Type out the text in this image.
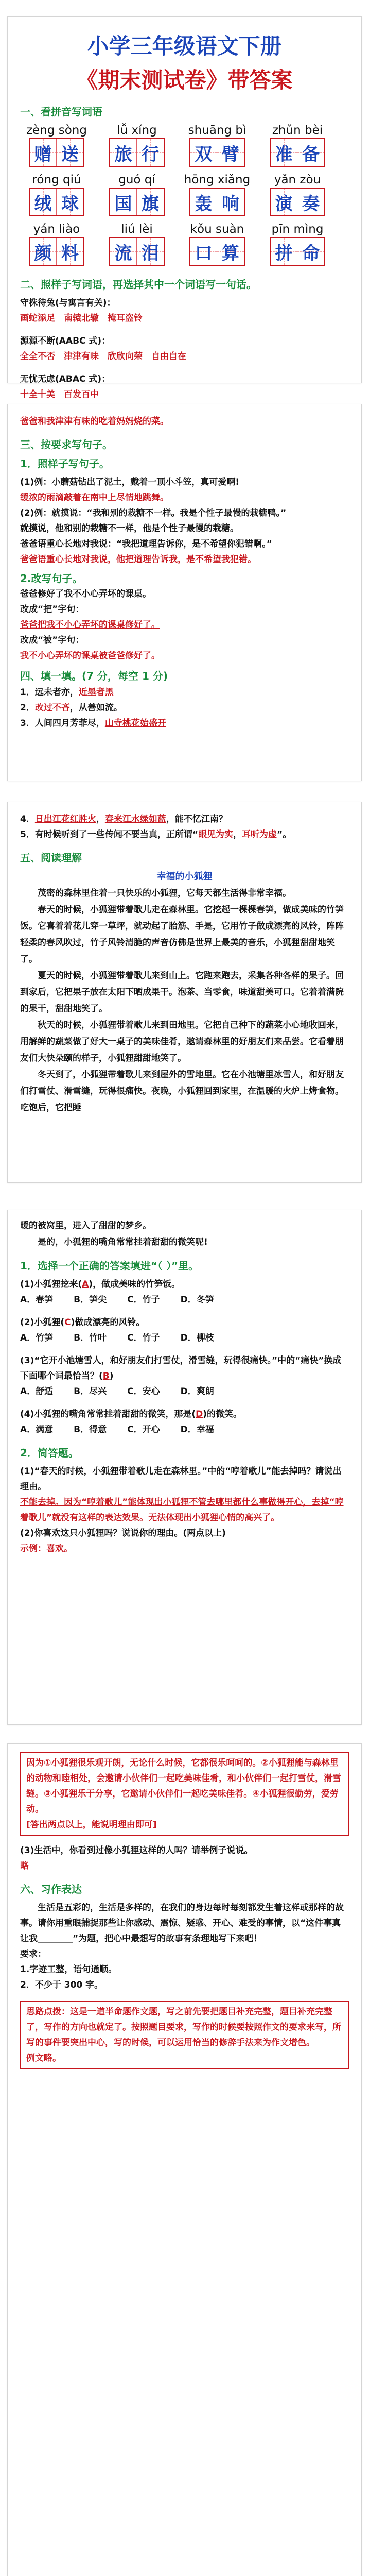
小学三年级语文下册
《期末测试卷》带答案
一、看拼音写词语
zèng sòng
赠 送
lǚ xíng
旅 行
shuāng bì
双 臂
zhǔn bèi
准 备
róng qiú
绒 球
guó qí
国 旗
hōng xiǎng
轰 响
yǎn zòu
演 奏
yán liào
颜 料
liú lèi
流 泪
kǒu suàn
口 算
pīn mìng
拼 命
二、照样子写词语，再选择其中一个词语写一句话。
守株待兔(与寓言有关)：
画蛇添足　南辕北辙　掩耳盗铃
源源不断(AABC 式)：
全全不否　津津有味　欣欣向荣　自由自在
无忧无虑(ABAC 式)：
十全十美　百发百中
爸爸和我津津有味的吃着妈妈烧的菜。
三、按要求写句子。
1．照样子写句子。
(1)例：小蘑菇钻出了泥土，戴着一顶小斗笠，真可爱啊!
缓浓的雨滴敲着在南中上尽情地跳舞。
(2)例：就摸说：“我和别的栽糖不一样。我是个性子最慢的栽糖鸭。”
就摸说，他和别的栽糖不一样，他是个性子最慢的栽糖。
爸爸语重心长地对我说：“我把道理告诉你，是不希望你犯错啊。”
爸爸语重心长地对我说，他把道理告诉我，是不希望我犯错。
2.改写句子。
爸爸修好了我不小心弄坏的课桌。
改成“把”字句：
爸爸把我不小心弄坏的课桌修好了。
改成“被”字句：
我不小心弄坏的课桌被爸爸修好了。
四、填一填。(7 分，每空 1 分)
1．远未者亦，近墨者黑
2．改过不吝，从善如流。
3．人间四月芳菲尽，山寺桃花始盛开
4．日出江花红胜火，春来江水绿如蓝，能不忆江南？
5．有时候听到了一些传闻不要当真，正所谓“眼见为实，耳听为虚”。
五、阅读理解
幸福的小狐狸
茂密的森林里住着一只快乐的小狐狸，它每天都生活得非常幸福。
春天的时候，小狐狸带着歌儿走在森林里。它挖起一棵棵春笋，做成美味的竹笋饭。它喜着着花儿穿一草坪，就动起了胎筋、手是，它用竹子做成漂亮的风铃，阵阵轻柔的春风吹过，竹子风铃清脆的声音仿佛是世界上最美的音乐，小狐狸甜甜地笑了。
夏天的时候，小狐狸带着歌儿来到山上。它跑来跑去，采集各种各样的果子。回到家后，它把果子放在太阳下晒成果干。泡茶、当零食，味道甜美可口。它着着满院的果干，甜甜地笑了。
秋天的时候，小狐狸带着歌儿来到田地里。它把自己种下的蔬菜小心地收回来，用解鲜的蔬菜做了好大一桌子的美味佳肴，邀请森林里的好朋友们来品尝。它看着朋友们大快朵颐的样子，小狐狸甜甜地笑了。
冬天到了，小狐狸带着歌儿来到屋外的雪地里。它在小池塘里冰雪人，和好朋友们打雪仗、滑雪缝，玩得很痛快。夜晚，小狐狸回到家里，在温暖的火炉上烤食物。吃饱后，它把睡
暖的被窝里，进入了甜甜的梦乡。
是的，小狐狸的嘴角常常挂着甜甜的微笑呢!
1．选择一个正确的答案填进“（ ）”里。
(1)小狐狸挖来(A)，做成美味的竹笋饭。
A．春笋 B．笋尖 C．竹子 D．冬笋
(2)小狐狸(C)做成漂亮的风铃。
A．竹笋 B．竹叶 C．竹子 D．柳枝
(3)“它开小池塘雪人，和好朋友们打雪仗，滑雪缝，玩得很痛快。”中的“痛快”换成下面哪个词最恰当？(B)
A．舒适 B．尽兴 C．安心 D．爽朗
(4)小狐狸的嘴角常常挂着甜甜的微笑，那是(D)的微笑。
A．满意 B．得意 C．开心 D．幸福
2．简答题。
(1)“春天的时候，小狐狸带着歌儿走在森林里。”中的“哼着歌儿”能去掉吗？请说出理由。
不能去掉。因为“哼着歌儿”能体现出小狐狸不管去哪里都什么事做得开心，去掉“哼着歌儿”就没有这样的表达效果。无法体现出小狐狸心情的高兴了。
(2)你喜欢这只小狐狸吗？说说你的理由。(两点以上)
示例：喜欢。
因为①小狐狸很乐观开朗，无论什么时候，它都很乐呵呵的。②小狐狸能与森林里的动物和睦相处，会邀请小伙伴们一起吃美味佳肴，和小伙伴们一起打雪仗，滑雪缝。③小狐狸乐于分享，它邀请小伙伴们一起吃美味佳肴。④小狐狸很勤劳，爱劳动。
[答出两点以上，能说明理由即可]
(3)生活中，你看到过像小狐狸这样的人吗？请举例子说说。
略
六、习作表达
生活是五彩的，生活是多样的，在我们的身边每时每刻都发生着这样或那样的故事。请你用重眼捕捉那些让你感动、震惊、疑惑、开心、难受的事情，以“这件事真让我________”为题，把心中最想写的故事有条理地写下来吧！
要求：
1.字迹工整，语句通顺。
2．不少于 300 字。
思路点拨：这是一道半命题作文题，写之前先要把题目补充完整，题目补充完整了，写作的方向也就定了。按照题目要求，写作的时候要按照作文的要求来写，所写的事件要突出中心，写的时候，可以运用恰当的修辞手法来为作文增色。
例文略。
